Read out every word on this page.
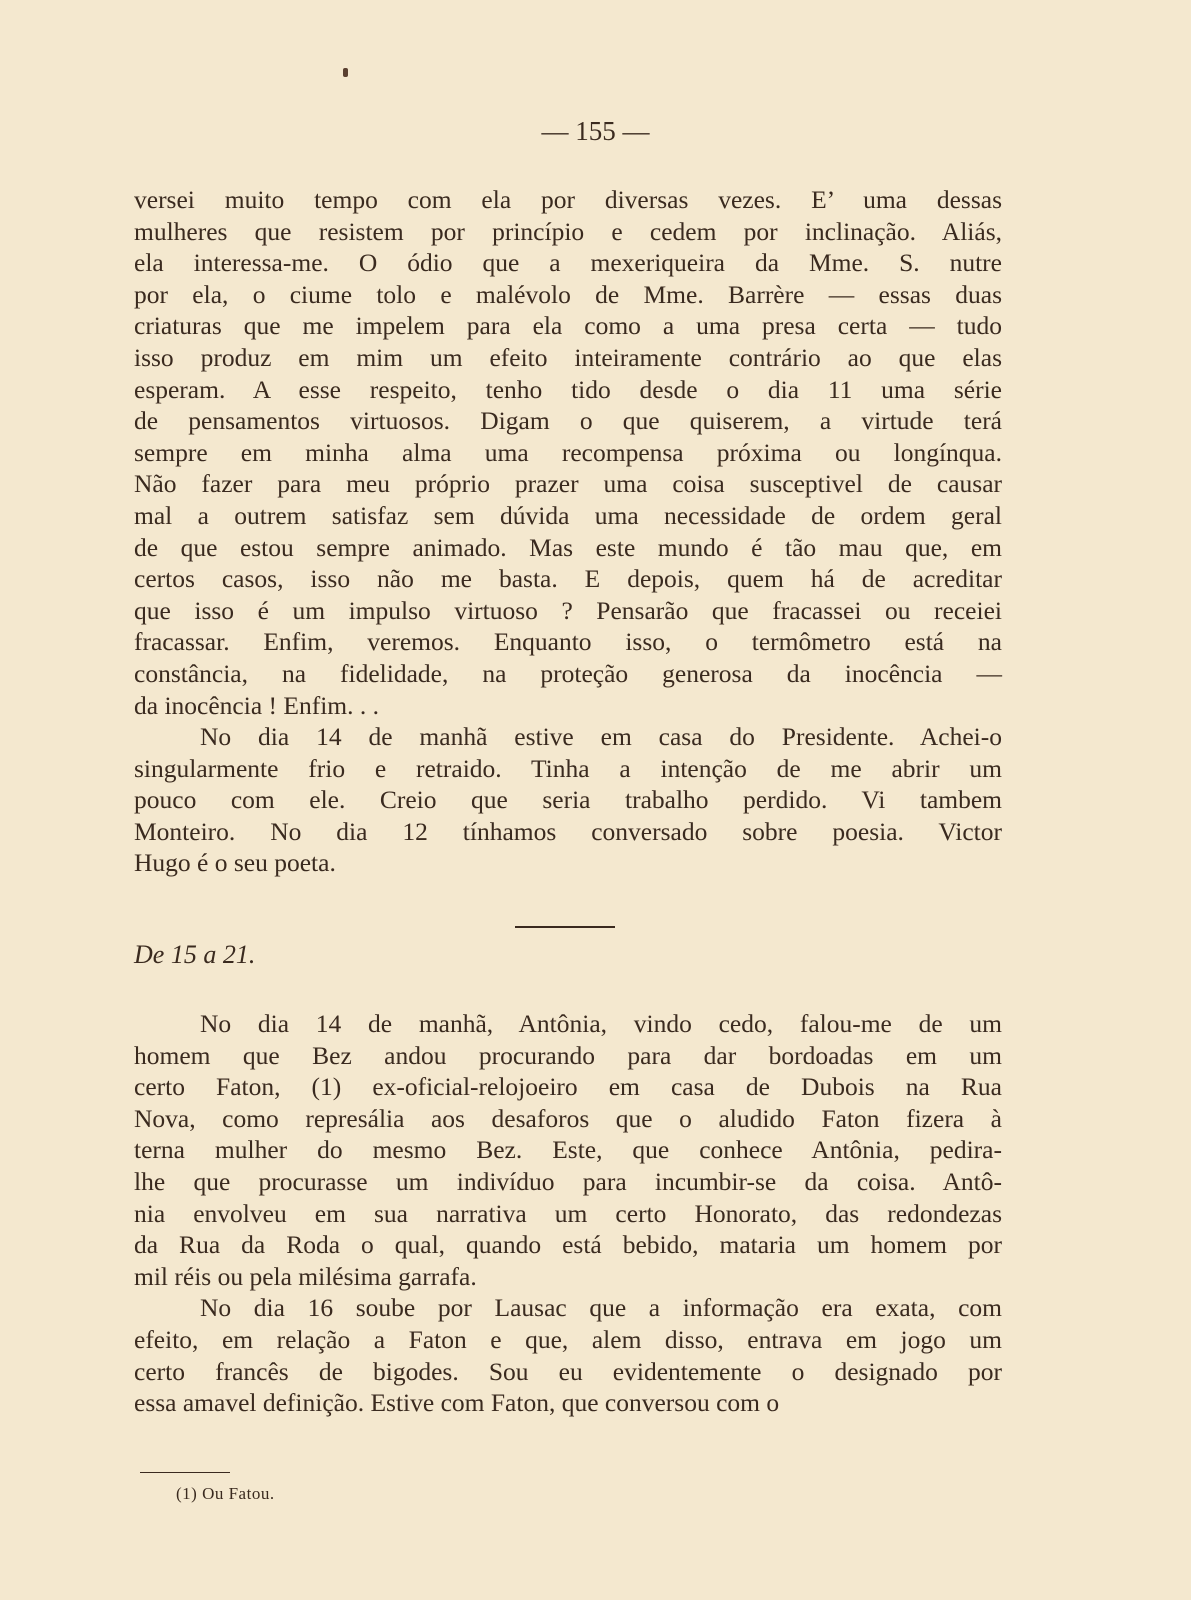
— 155 —
versei muito tempo com ela por diversas vezes. E’ uma dessas
mulheres que resistem por princípio e cedem por inclinação. Aliás,
ela interessa-me. O ódio que a mexeriqueira da Mme. S. nutre
por ela, o ciume tolo e malévolo de Mme. Barrère — essas duas
criaturas que me impelem para ela como a uma presa certa — tudo
isso produz em mim um efeito inteiramente contrário ao que elas
esperam. A esse respeito, tenho tido desde o dia 11 uma série
de pensamentos virtuosos. Digam o que quiserem, a virtude terá
sempre em minha alma uma recompensa próxima ou longínqua.
Não fazer para meu próprio prazer uma coisa susceptivel de causar
mal a outrem satisfaz sem dúvida uma necessidade de ordem geral
de que estou sempre animado. Mas este mundo é tão mau que, em
certos casos, isso não me basta. E depois, quem há de acreditar
que isso é um impulso virtuoso ? Pensarão que fracassei ou receiei
fracassar. Enfim, veremos. Enquanto isso, o termômetro está na
constância, na fidelidade, na proteção generosa da inocência —
da inocência ! Enfim. . .
No dia 14 de manhã estive em casa do Presidente. Achei-o
singularmente frio e retraido. Tinha a intenção de me abrir um
pouco com ele. Creio que seria trabalho perdido. Vi tambem
Monteiro. No dia 12 tínhamos conversado sobre poesia. Victor
Hugo é o seu poeta.
De 15 a 21.
No dia 14 de manhã, Antônia, vindo cedo, falou-me de um
homem que Bez andou procurando para dar bordoadas em um
certo Faton, (1) ex-oficial-relojoeiro em casa de Dubois na Rua
Nova, como represália aos desaforos que o aludido Faton fizera à
terna mulher do mesmo Bez. Este, que conhece Antônia, pedira-
lhe que procurasse um indivíduo para incumbir-se da coisa. Antô-
nia envolveu em sua narrativa um certo Honorato, das redondezas
da Rua da Roda o qual, quando está bebido, mataria um homem por
mil réis ou pela milésima garrafa.
No dia 16 soube por Lausac que a informação era exata, com
efeito, em relação a Faton e que, alem disso, entrava em jogo um
certo francês de bigodes. Sou eu evidentemente o designado por
essa amavel definição. Estive com Faton, que conversou com o
(1) Ou Fatou.
